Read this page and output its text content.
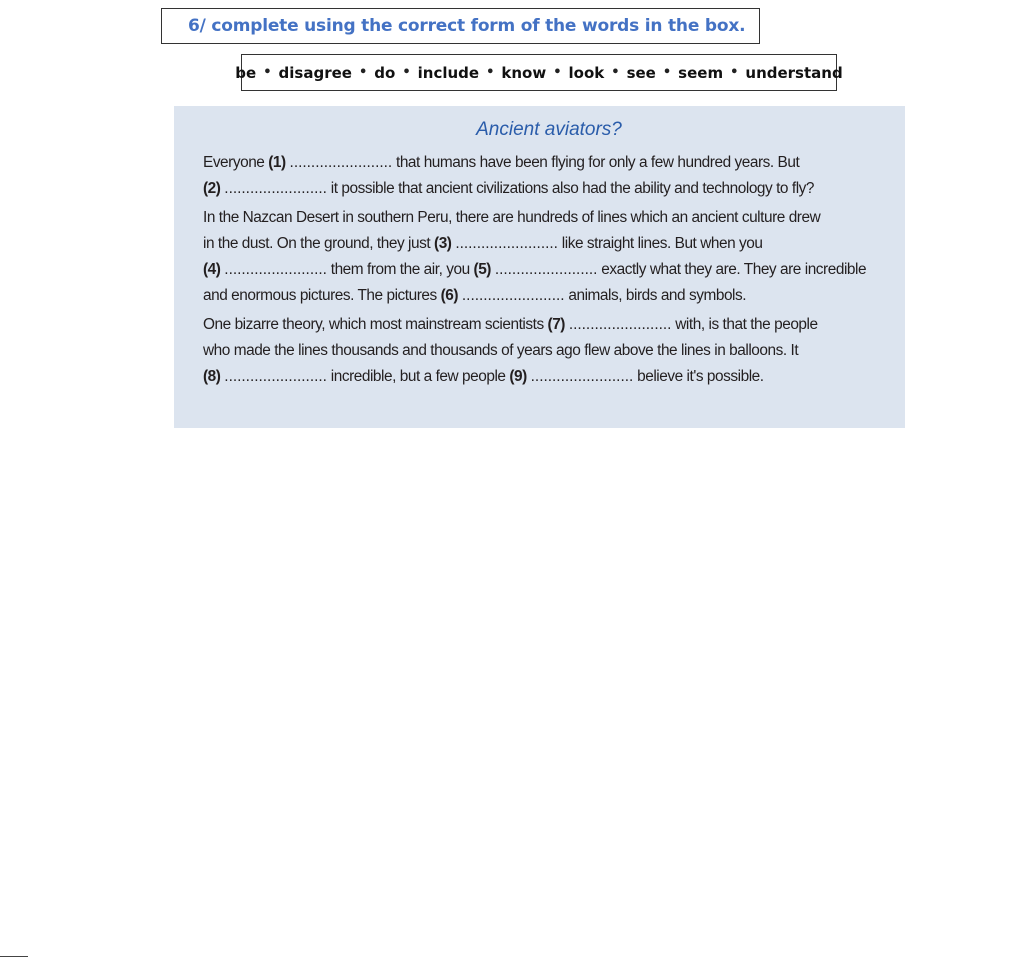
6/ complete using the correct form of the words in the box.
be • disagree • do • include • know • look • see • seem • understand
Ancient aviators?

Everyone (1) ........................ that humans have been flying for only a few hundred years. But
(2) ........................ it possible that ancient civilizations also had the ability and technology to fly?

In the Nazcan Desert in southern Peru, there are hundreds of lines which an ancient culture drew
in the dust. On the ground, they just (3) ........................ like straight lines. But when you
(4) ........................ them from the air, you (5) ........................ exactly what they are. They are incredible
and enormous pictures. The pictures (6) ........................ animals, birds and symbols.

One bizarre theory, which most mainstream scientists (7) ........................ with, is that the people
who made the lines thousands and thousands of years ago flew above the lines in balloons. It
(8) ........................ incredible, but a few people (9) ........................ believe it's possible.
